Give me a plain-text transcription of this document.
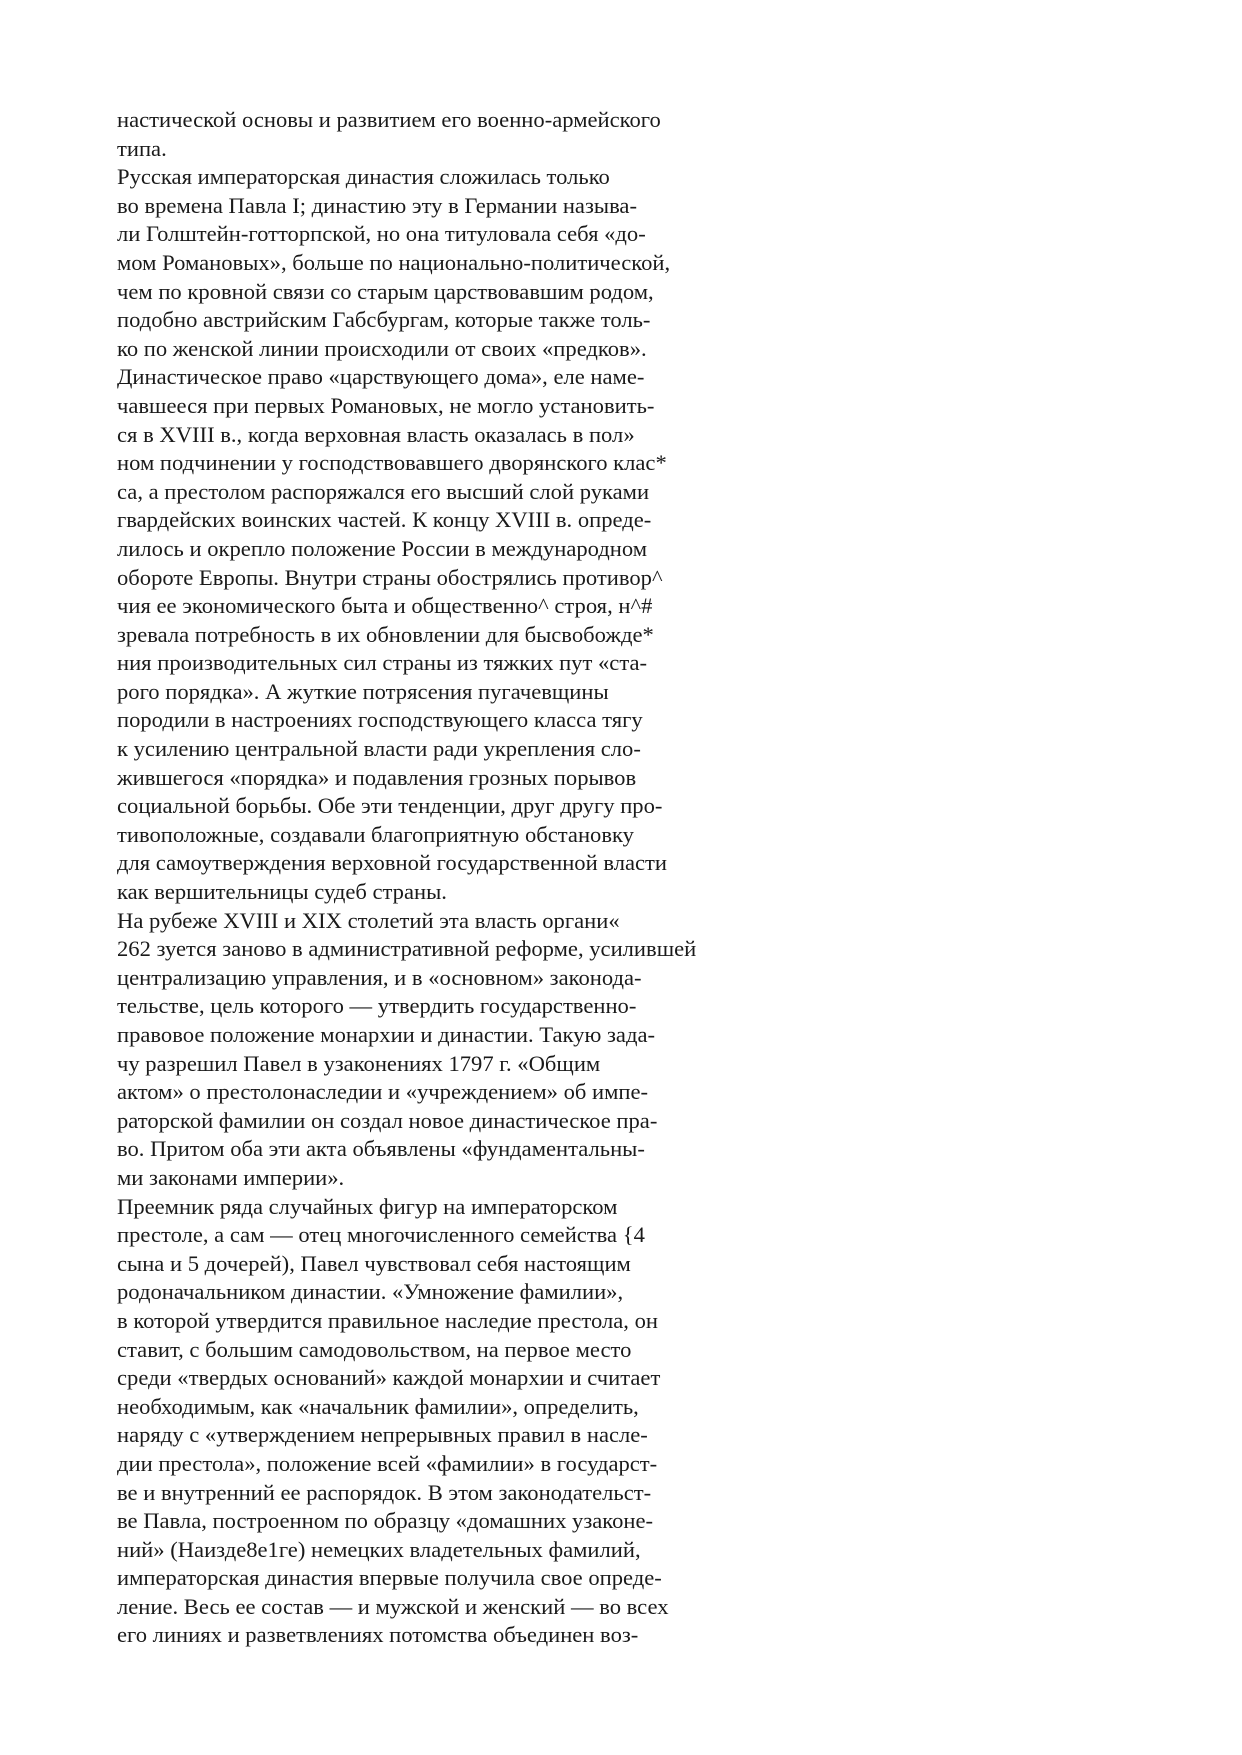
настической основы и развитием его военно-армейского
типа.
Русская императорская династия сложилась только
во времена Павла I; династию эту в Германии называ-
ли Голштейн-готторпской, но она титуловала себя «до-
мом Романовых», больше по национально-политической,
чем по кровной связи со старым царствовавшим родом,
подобно австрийским Габсбургам, которые также толь-
ко по женской линии происходили от своих «предков».
Династическое право «царствующего дома», еле наме-
чавшееся при первых Романовых, не могло установить-
ся в XVIII в., когда верховная власть оказалась в пол»
ном подчинении у господствовавшего дворянского клас*
са, а престолом распоряжался его высший слой руками
гвардейских воинских частей. К концу XVIII в. опреде-
лилось и окрепло положение России в международном
обороте Европы. Внутри страны обострялись противор^
чия ее экономического быта и общественно^ строя, н^#
зревала потребность в их обновлении для бысвобожде*
ния производительных сил страны из тяжких пут «ста-
рого порядка». А жуткие потрясения пугачевщины
породили в настроениях господствующего класса тягу
к усилению центральной власти ради укрепления сло-
жившегося «порядка» и подавления грозных порывов
социальной борьбы. Обе эти тенденции, друг другу про-
тивоположные, создавали благоприятную обстановку
для самоутверждения верховной государственной власти
как вершительницы судеб страны.
На рубеже XVIII и XIX столетий эта власть органи«
262 зуется заново в административной реформе, усилившей
централизацию управления, и в «основном» законода-
тельстве, цель которого — утвердить государственно-
правовое положение монархии и династии. Такую зада-
чу разрешил Павел в узаконениях 1797 г. «Общим
актом» о престолонаследии и «учреждением» об импе-
раторской фамилии он создал новое династическое пра-
во. Притом оба эти акта объявлены «фундаментальны-
ми законами империи».
Преемник ряда случайных фигур на императорском
престоле, а сам — отец многочисленного семейства {4
сына и 5 дочерей), Павел чувствовал себя настоящим
родоначальником династии. «Умножение фамилии»,
в которой утвердится правильное наследие престола, он
ставит, с большим самодовольством, на первое место
среди «твердых оснований» каждой монархии и считает
необходимым, как «начальник фамилии», определить,
наряду с «утверждением непрерывных правил в насле-
дии престола», положение всей «фамилии» в государст-
ве и внутренний ее распорядок. В этом законодательст-
ве Павла, построенном по образцу «домашних узаконе-
ний» (Наизде8е1ге) немецких владетельных фамилий,
императорская династия впервые получила свое опреде-
ление. Весь ее состав — и мужской и женский — во всех
его линиях и разветвлениях потомства объединен воз-
